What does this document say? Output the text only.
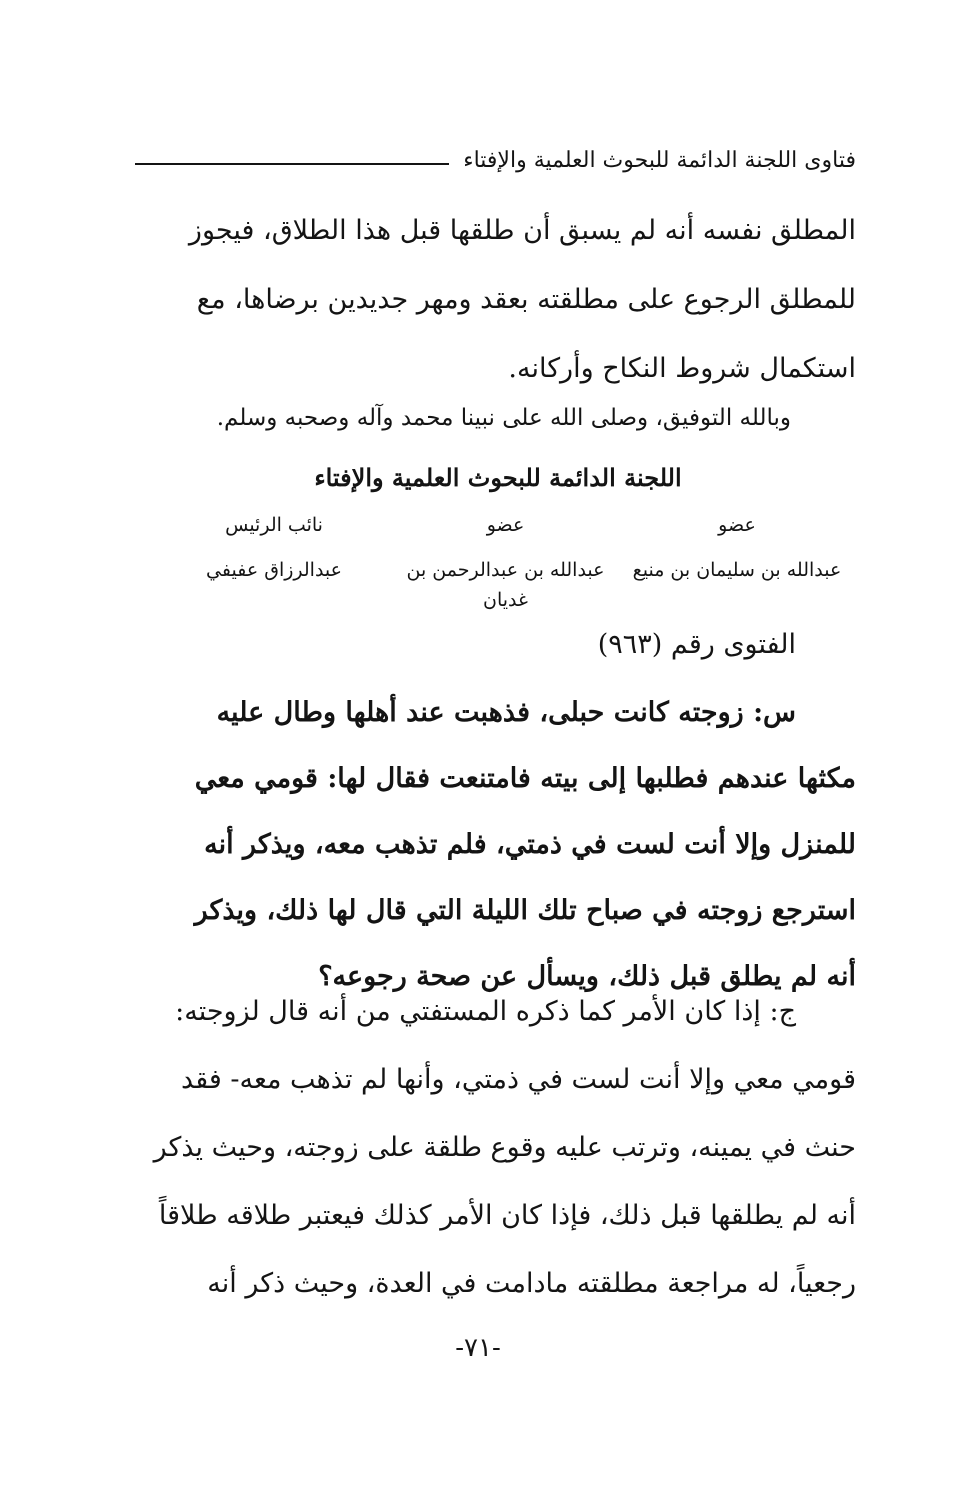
فتاوى اللجنة الدائمة للبحوث العلمية والإفتاء
المطلق نفسه أنه لم يسبق أن طلقها قبل هذا الطلاق، فيجوز
للمطلق الرجوع على مطلقته بعقد ومهر جديدين برضاها، مع
استكمال شروط النكاح وأركانه.
وبالله التوفيق، وصلى الله على نبينا محمد وآله وصحبه وسلم.
اللجنة الدائمة للبحوث العلمية والإفتاء
عضو
عضو
نائب الرئيس
عبدالله بن سليمان بن منيع
عبدالله بن عبدالرحمن بن غديان
عبدالرزاق عفيفي
الفتوى رقم (٩٦٣)
س: زوجته كانت حبلى، فذهبت عند أهلها وطال عليه
مكثها عندهم فطلبها إلى بيته فامتنعت فقال لها: قومي معي
للمنزل وإلا أنت لست في ذمتي، فلم تذهب معه، ويذكر أنه
استرجع زوجته في صباح تلك الليلة التي قال لها ذلك، ويذكر
أنه لم يطلق قبل ذلك، ويسأل عن صحة رجوعه؟
ج: إذا كان الأمر كما ذكره المستفتي من أنه قال لزوجته:
قومي معي وإلا أنت لست في ذمتي، وأنها لم تذهب معه- فقد
حنث في يمينه، وترتب عليه وقوع طلقة على زوجته، وحيث يذكر
أنه لم يطلقها قبل ذلك، فإذا كان الأمر كذلك فيعتبر طلاقه طلاقاً
رجعياً، له مراجعة مطلقته مادامت في العدة، وحيث ذكر أنه
-٧١-
